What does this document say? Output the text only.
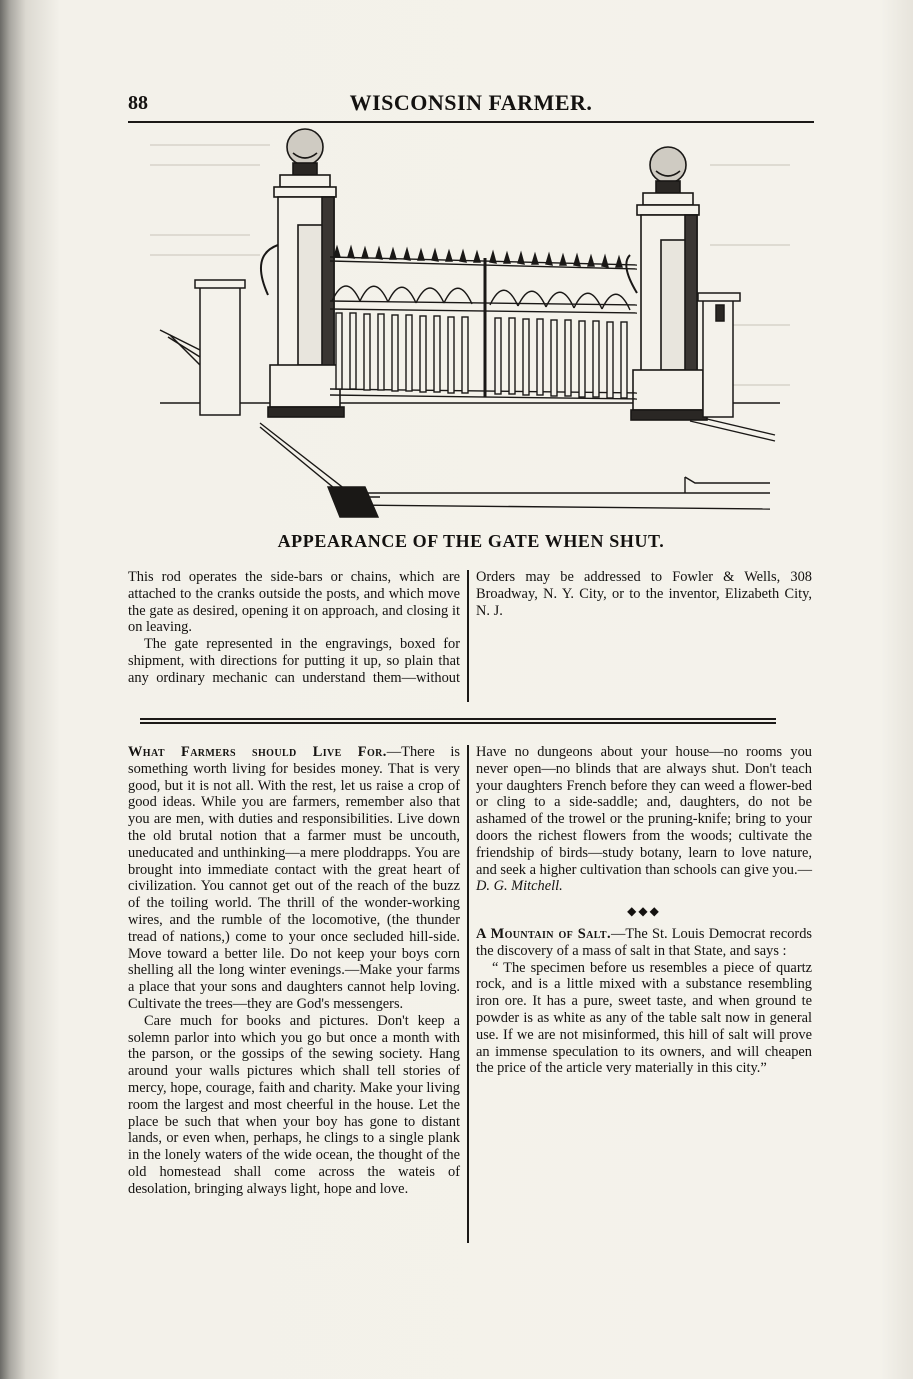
88	WISCONSIN FARMER.
APPEARANCE OF THE GATE WHEN SHUT.

This rod operates the side-bars or chains, which are attached to the cranks outside the posts, and which move the gate as desired, opening it on approach, and closing it on leaving.

The gate represented in the engravings, boxed for shipment, with directions for putting it up, so plain that any ordinary mechanic can understand them—without

Orders may be addressed to Fowler & Wells, 308 Broadway, N. Y. City, or to the inventor, Elizabeth City, N. J.

What Farmers should Live For.—There is something worth living for besides money. That is very good, but it is not all. With the rest, let us raise a crop of good ideas. While you are farmers, remember also that you are men, with duties and responsibilities. Live down the old brutal notion that a farmer must be uncouth, uneducated and unthinking—a mere ploddrapps. You are brought into immediate contact with the great heart of civilization. You cannot get out of the reach of the buzz of the toiling world. The thrill of the wonder-working wires, and the rumble of the locomotive, (the thunder tread of nations,) come to your once secluded hill-side. Move toward a better lile. Do not keep your boys corn shelling all the long winter evenings.—Make your farms a place that your sons and daughters cannot help loving. Cultivate the trees—they are God's messengers.

Care much for books and pictures. Don't keep a solemn parlor into which you go but once a month with the parson, or the gossips of the sewing society. Hang around your walls pictures which shall tell stories of mercy, hope, courage, faith and charity. Make your living room the largest and most cheerful in the house. Let the place be such that when your boy has gone to distant lands, or even when, perhaps, he clings to a single plank in the lonely waters of the wide ocean, the thought of the old homestead shall come across the wateis of desolation, bringing always light, hope and love.

Have no dungeons about your house—no rooms you never open—no blinds that are always shut. Don't teach your daughters French before they can weed a flower-bed or cling to a side-saddle; and, daughters, do not be ashamed of the trowel or the pruning-knife; bring to your doors the richest flowers from the woods; cultivate the friendship of birds—study botany, learn to love nature, and seek a higher cultivation than schools can give you.—D. G. Mitchell.

◆◆◆

A Mountain of Salt.—The St. Louis Democrat records the discovery of a mass of salt in that State, and says :

“ The specimen before us resembles a piece of quartz rock, and is a little mixed with a substance resembling iron ore. It has a pure, sweet taste, and when ground te powder is as white as any of the table salt now in general use. If we are not misinformed, this hill of salt will prove an immense speculation to its owners, and will cheapen the price of the article very materially in this city.”
